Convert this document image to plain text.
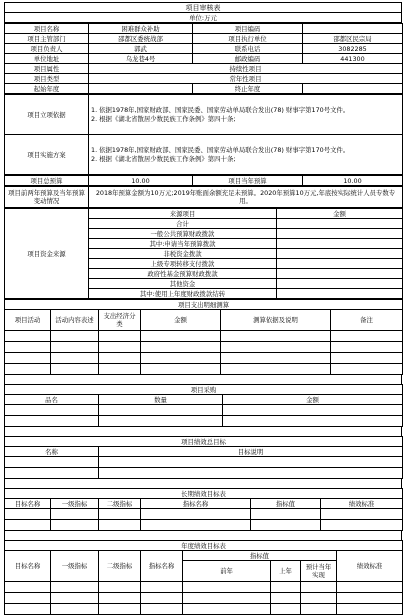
项目审核表
单位:万元
项目名称	困难群众补助	项目编码	
项目主管部门	邵都区委统战部	项目执行单位	邵都区民宗局
项目负责人	郭武	联系电话	3082285
单位地址	乌龙巷4号	邮政编码	441300
项目属性	持续性项目		
项目类型	常年性项目		
起始年度		终止年度	
项目立项依据	1. 依据1978年,国家财政部、国家民委、国家劳动单局联合发出(78) 财事字第170号文件。
2. 根据《湖北省散居少数民族工作条例》第四十条;

项目实施方案	1. 依据1978年,国家财政部、国家民委、国家劳动单局联合发出(78) 财事字第170号文件。
2. 根据《湖北省散居少数民族工作条例》第四十条;
项目总预算	10.00	项目当年预算	10.00
项目前两年预算及当年预算变动情况	2018年预算金额为10万元;2019年账面余额充足未预算。2020年预算10万元,年底按实际统计人员专数专用。
项目资金来源	来源项目	金额
	合计	
	一般公共预算财政拨款	
	其中:申请当年预算拨款	
	非税资金拨款	
	上级专项转移支付拨款	
	政府性基金预算财政拨款	
	其他资金	
	其中:使用上年度财政拨款结转	
项目支出明细测算					
项目活动	活动内容表述	支出经济分类	金额	测算依据及说明	备注

项目采购		
品名	数量	金额

项目绩效总目标	
名称	目标说明

长期绩效目标表					
目标名称	一级指标	二级指标	指标名称	指标值	绩效标准

年度绩效目标表							
目标名称	一级指标	二级指标	指标名称	指标值			绩效标准
				前年	上年	预计当年实现	
